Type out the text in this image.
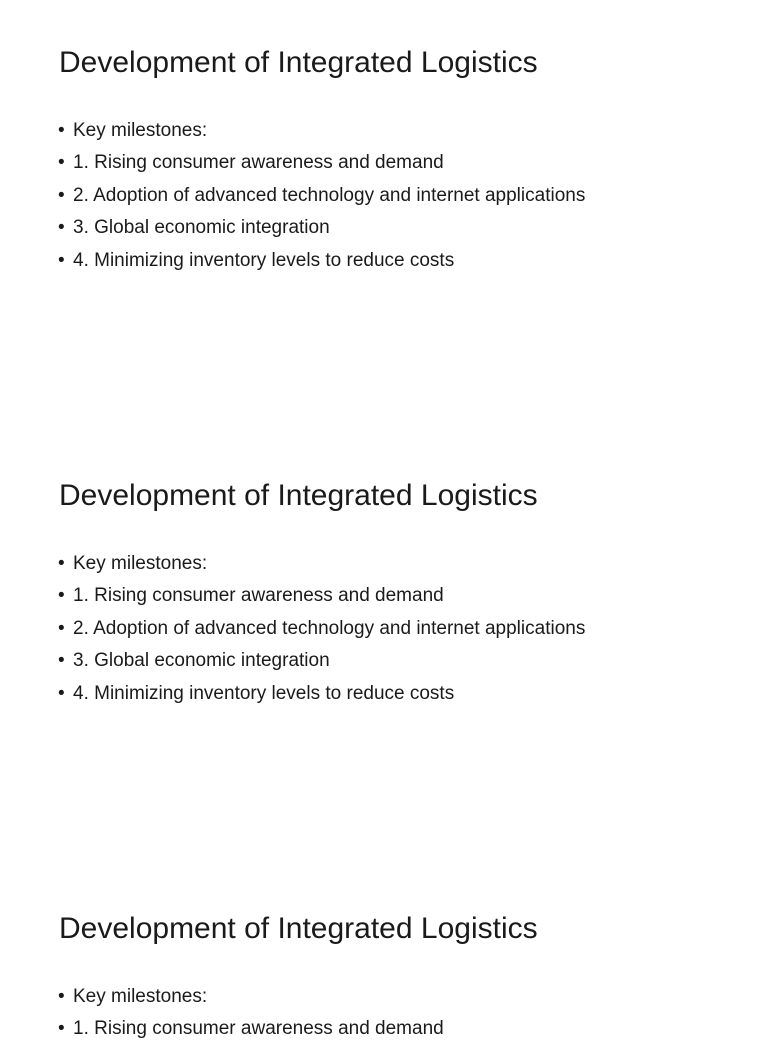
Development of Integrated Logistics
• Key milestones:
• 1. Rising consumer awareness and demand
• 2. Adoption of advanced technology and internet applications
• 3. Global economic integration
• 4. Minimizing inventory levels to reduce costs
Development of Integrated Logistics
• Key milestones:
• 1. Rising consumer awareness and demand
• 2. Adoption of advanced technology and internet applications
• 3. Global economic integration
• 4. Minimizing inventory levels to reduce costs
Development of Integrated Logistics
• Key milestones:
• 1. Rising consumer awareness and demand
